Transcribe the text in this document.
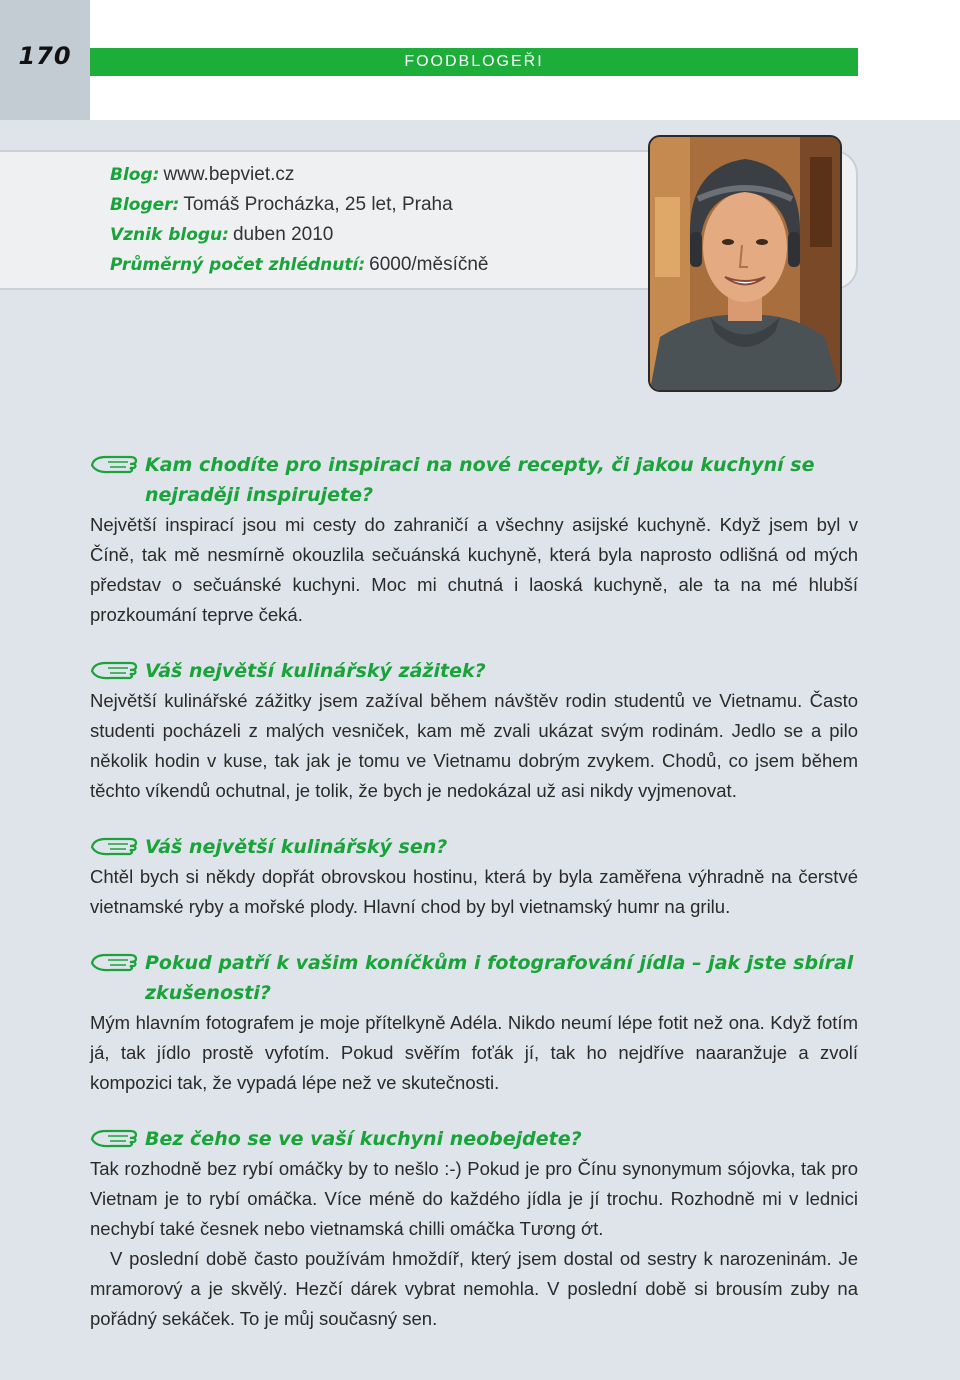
170	FOODBLOGEŘI
Blog: www.bepviet.cz
Bloger: Tomáš Procházka, 25 let, Praha
Vznik blogu: duben 2010
Průměrný počet zhlédnutí: 6000/měsíčně
Kam chodíte pro inspiraci na nové recepty, či jakou kuchyní se nejraději inspirujete?

Největší inspirací jsou mi cesty do zahraničí a všechny asijské kuchyně. Když jsem byl v Číně, tak mě nesmírně okouzlila sečuánská kuchyně, která byla naprosto odlišná od mých představ o sečuánské kuchyni. Moc mi chutná i laoská kuchyně, ale ta na mé hlubší prozkoumání teprve čeká.

Váš největší kulinářský zážitek?

Největší kulinářské zážitky jsem zažíval během návštěv rodin studentů ve Vietnamu. Často studenti pocházeli z malých vesniček, kam mě zvali ukázat svým rodinám. Jedlo se a pilo několik hodin v kuse, tak jak je tomu ve Vietnamu dobrým zvykem. Chodů, co jsem během těchto víkendů ochutnal, je tolik, že bych je nedokázal už asi nikdy vyjmenovat.

Váš největší kulinářský sen?

Chtěl bych si někdy dopřát obrovskou hostinu, která by byla zaměřena výhradně na čerstvé vietnamské ryby a mořské plody. Hlavní chod by byl vietnamský humr na grilu.

Pokud patří k vašim koníčkům i fotografování jídla – jak jste sbíral zkušenosti?

Mým hlavním fotografem je moje přítelkyně Adéla. Nikdo neumí lépe fotit než ona. Když fotím já, tak jídlo prostě vyfotím. Pokud svěřím foťák jí, tak ho nejdříve naaranžuje a zvolí kompozici tak, že vypadá lépe než ve skutečnosti.

Bez čeho se ve vaší kuchyni neobejdete?

Tak rozhodně bez rybí omáčky by to nešlo :-) Pokud je pro Čínu synonymum sójovka, tak pro Vietnam je to rybí omáčka. Více méně do každého jídla je jí trochu. Rozhodně mi v lednici nechybí také česnek nebo vietnamská chilli omáčka Tương ớt.

V poslední době často používám hmoždíř, který jsem dostal od sestry k narozeninám. Je mramorový a je skvělý. Hezčí dárek vybrat nemohla. V poslední době si brousím zuby na pořádný sekáček. To je můj současný sen.
